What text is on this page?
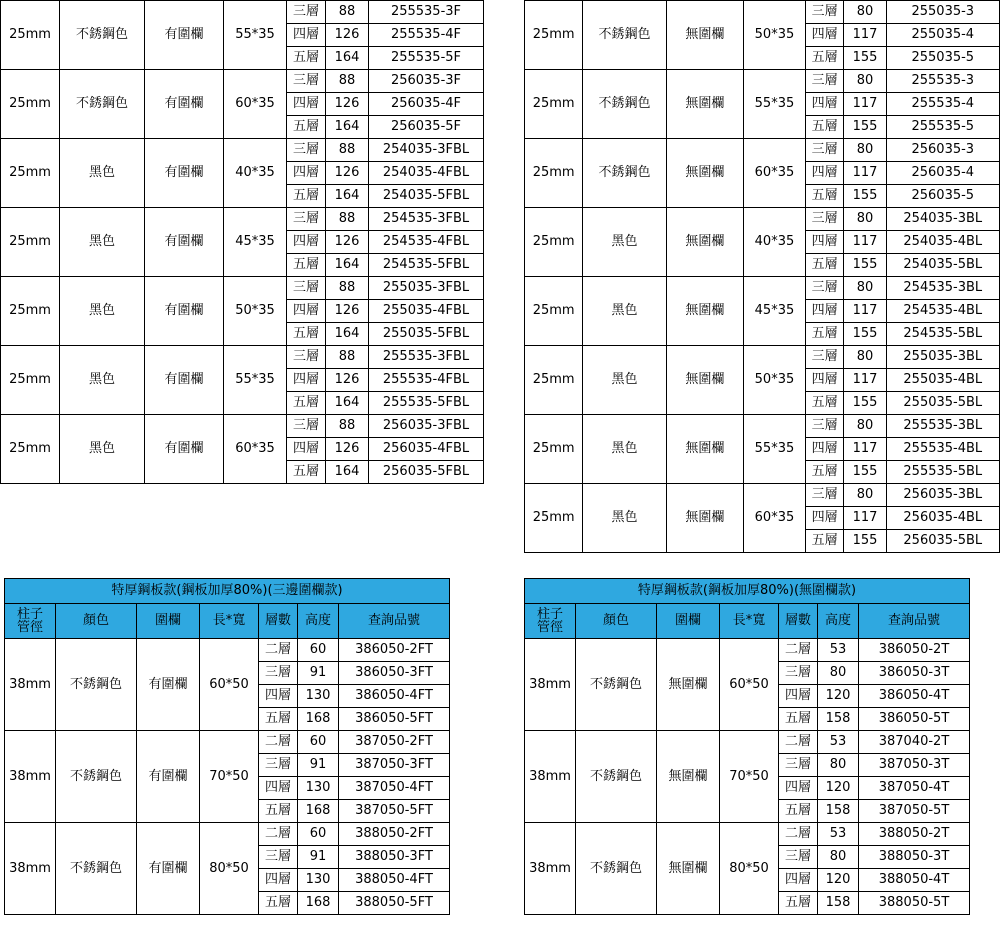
25mm	不銹鋼色	有圍欄	55*35	三層	88	255535-3F
				四層	126	255535-4F
				五層	164	255535-5F
25mm	不銹鋼色	有圍欄	60*35	三層	88	256035-3F
				四層	126	256035-4F
				五層	164	256035-5F
25mm	黑色	有圍欄	40*35	三層	88	254035-3FBL
				四層	126	254035-4FBL
				五層	164	254035-5FBL
25mm	黑色	有圍欄	45*35	三層	88	254535-3FBL
				四層	126	254535-4FBL
				五層	164	254535-5FBL
25mm	黑色	有圍欄	50*35	三層	88	255035-3FBL
				四層	126	255035-4FBL
				五層	164	255035-5FBL
25mm	黑色	有圍欄	55*35	三層	88	255535-3FBL
				四層	126	255535-4FBL
				五層	164	255535-5FBL
25mm	黑色	有圍欄	60*35	三層	88	256035-3FBL
				四層	126	256035-4FBL
				五層	164	256035-5FBL
25mm	不銹鋼色	無圍欄	50*35	三層	80	255035-3
				四層	117	255035-4
				五層	155	255035-5
25mm	不銹鋼色	無圍欄	55*35	三層	80	255535-3
				四層	117	255535-4
				五層	155	255535-5
25mm	不銹鋼色	無圍欄	60*35	三層	80	256035-3
				四層	117	256035-4
				五層	155	256035-5
25mm	黑色	無圍欄	40*35	三層	80	254035-3BL
				四層	117	254035-4BL
				五層	155	254035-5BL
25mm	黑色	無圍欄	45*35	三層	80	254535-3BL
				四層	117	254535-4BL
				五層	155	254535-5BL
25mm	黑色	無圍欄	50*35	三層	80	255035-3BL
				四層	117	255035-4BL
				五層	155	255035-5BL
25mm	黑色	無圍欄	55*35	三層	80	255535-3BL
				四層	117	255535-4BL
				五層	155	255535-5BL
25mm	黑色	無圍欄	60*35	三層	80	256035-3BL
				四層	117	256035-4BL
				五層	155	256035-5BL
特厚鋼板款(鋼板加厚80%)(三邊圍欄款)						

柱子
管徑	顏色	圍欄	長*寬	層數	高度	查詢品號
38mm	不銹鋼色	有圍欄	60*50	二層	60	386050-2FT
				三層	91	386050-3FT
				四層	130	386050-4FT
				五層	168	386050-5FT
38mm	不銹鋼色	有圍欄	70*50	二層	60	387050-2FT
				三層	91	387050-3FT
				四層	130	387050-4FT
				五層	168	387050-5FT
38mm	不銹鋼色	有圍欄	80*50	二層	60	388050-2FT
				三層	91	388050-3FT
				四層	130	388050-4FT
				五層	168	388050-5FT
特厚鋼板款(鋼板加厚80%)(無圍欄款)						

柱子
管徑	顏色	圍欄	長*寬	層數	高度	查詢品號
38mm	不銹鋼色	無圍欄	60*50	二層	53	386050-2T
				三層	80	386050-3T
				四層	120	386050-4T
				五層	158	386050-5T
38mm	不銹鋼色	無圍欄	70*50	二層	53	387040-2T
				三層	80	387050-3T
				四層	120	387050-4T
				五層	158	387050-5T
38mm	不銹鋼色	無圍欄	80*50	二層	53	388050-2T
				三層	80	388050-3T
				四層	120	388050-4T
				五層	158	388050-5T
